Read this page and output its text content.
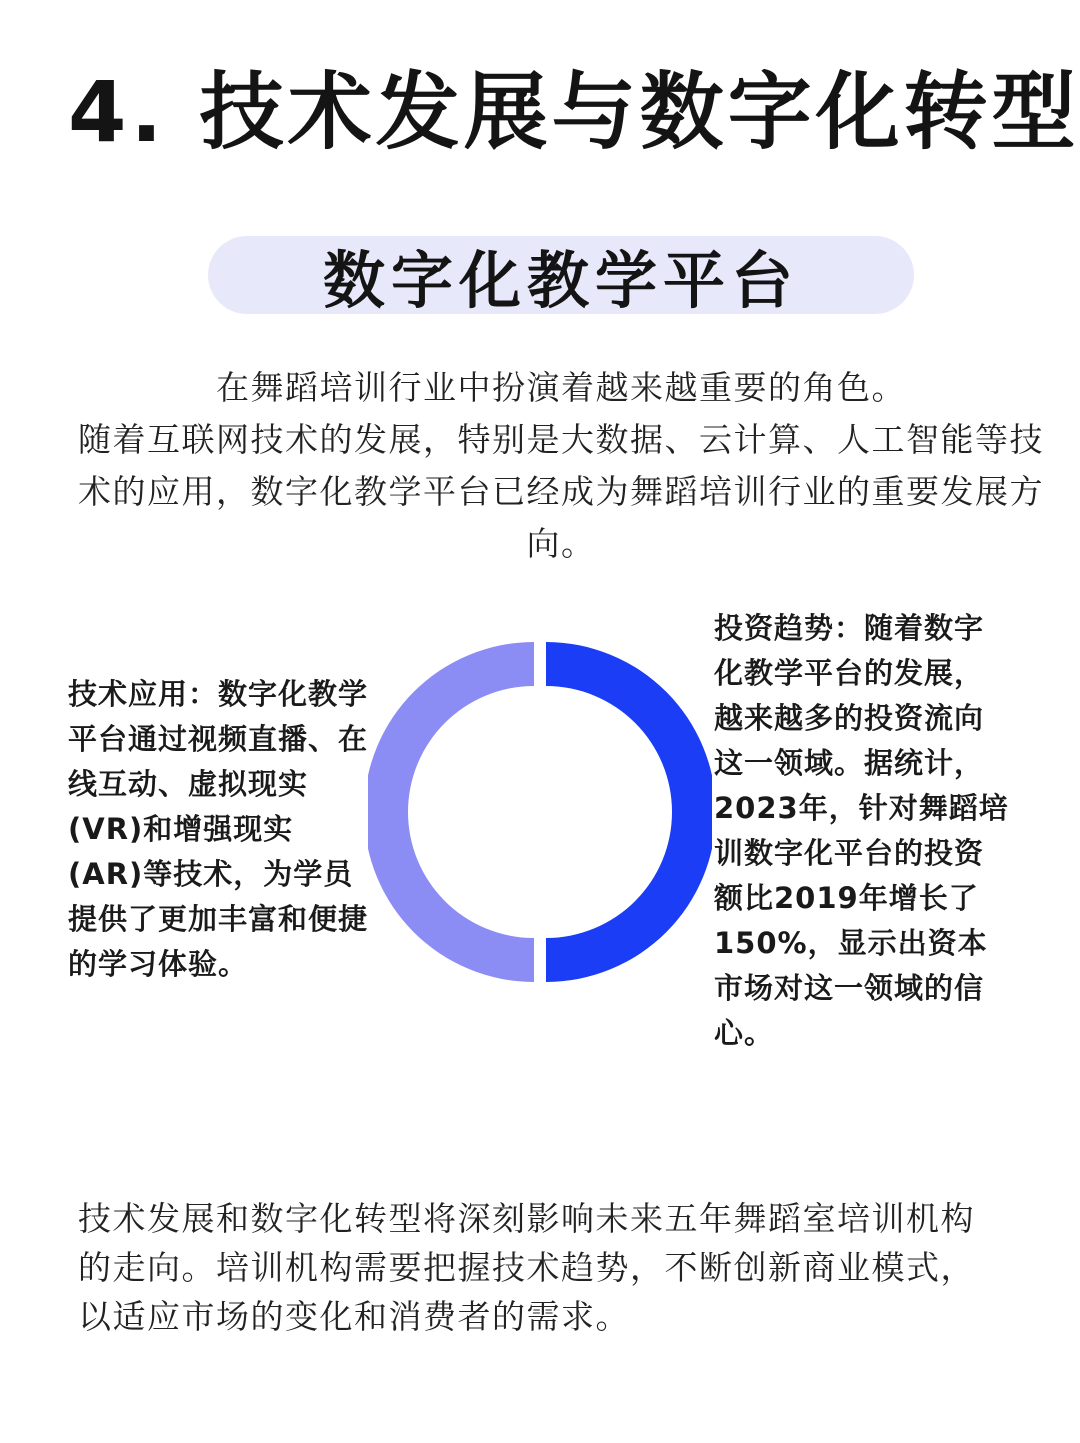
4. 技术发展与数字化转型
数字化教学平台

在舞蹈培训行业中扮演着越来越重要的角色。

随着互联网技术的发展，特别是大数据、云计算、人工智能等技术的应用，数字化教学平台已经成为舞蹈培训行业的重要发展方向。

技术应用：数字化教学平台通过视频直播、在线互动、虚拟现实(VR)和增强现实(AR)等技术，为学员提供了更加丰富和便捷的学习体验。

投资趋势：随着数字化教学平台的发展，越来越多的投资流向这一领域。据统计，2023年，针对舞蹈培训数字化平台的投资额比2019年增长了150%，显示出资本市场对这一领域的信心。

技术发展和数字化转型将深刻影响未来五年舞蹈室培训机构的走向。培训机构需要把握技术趋势，不断创新商业模式，以适应市场的变化和消费者的需求。
